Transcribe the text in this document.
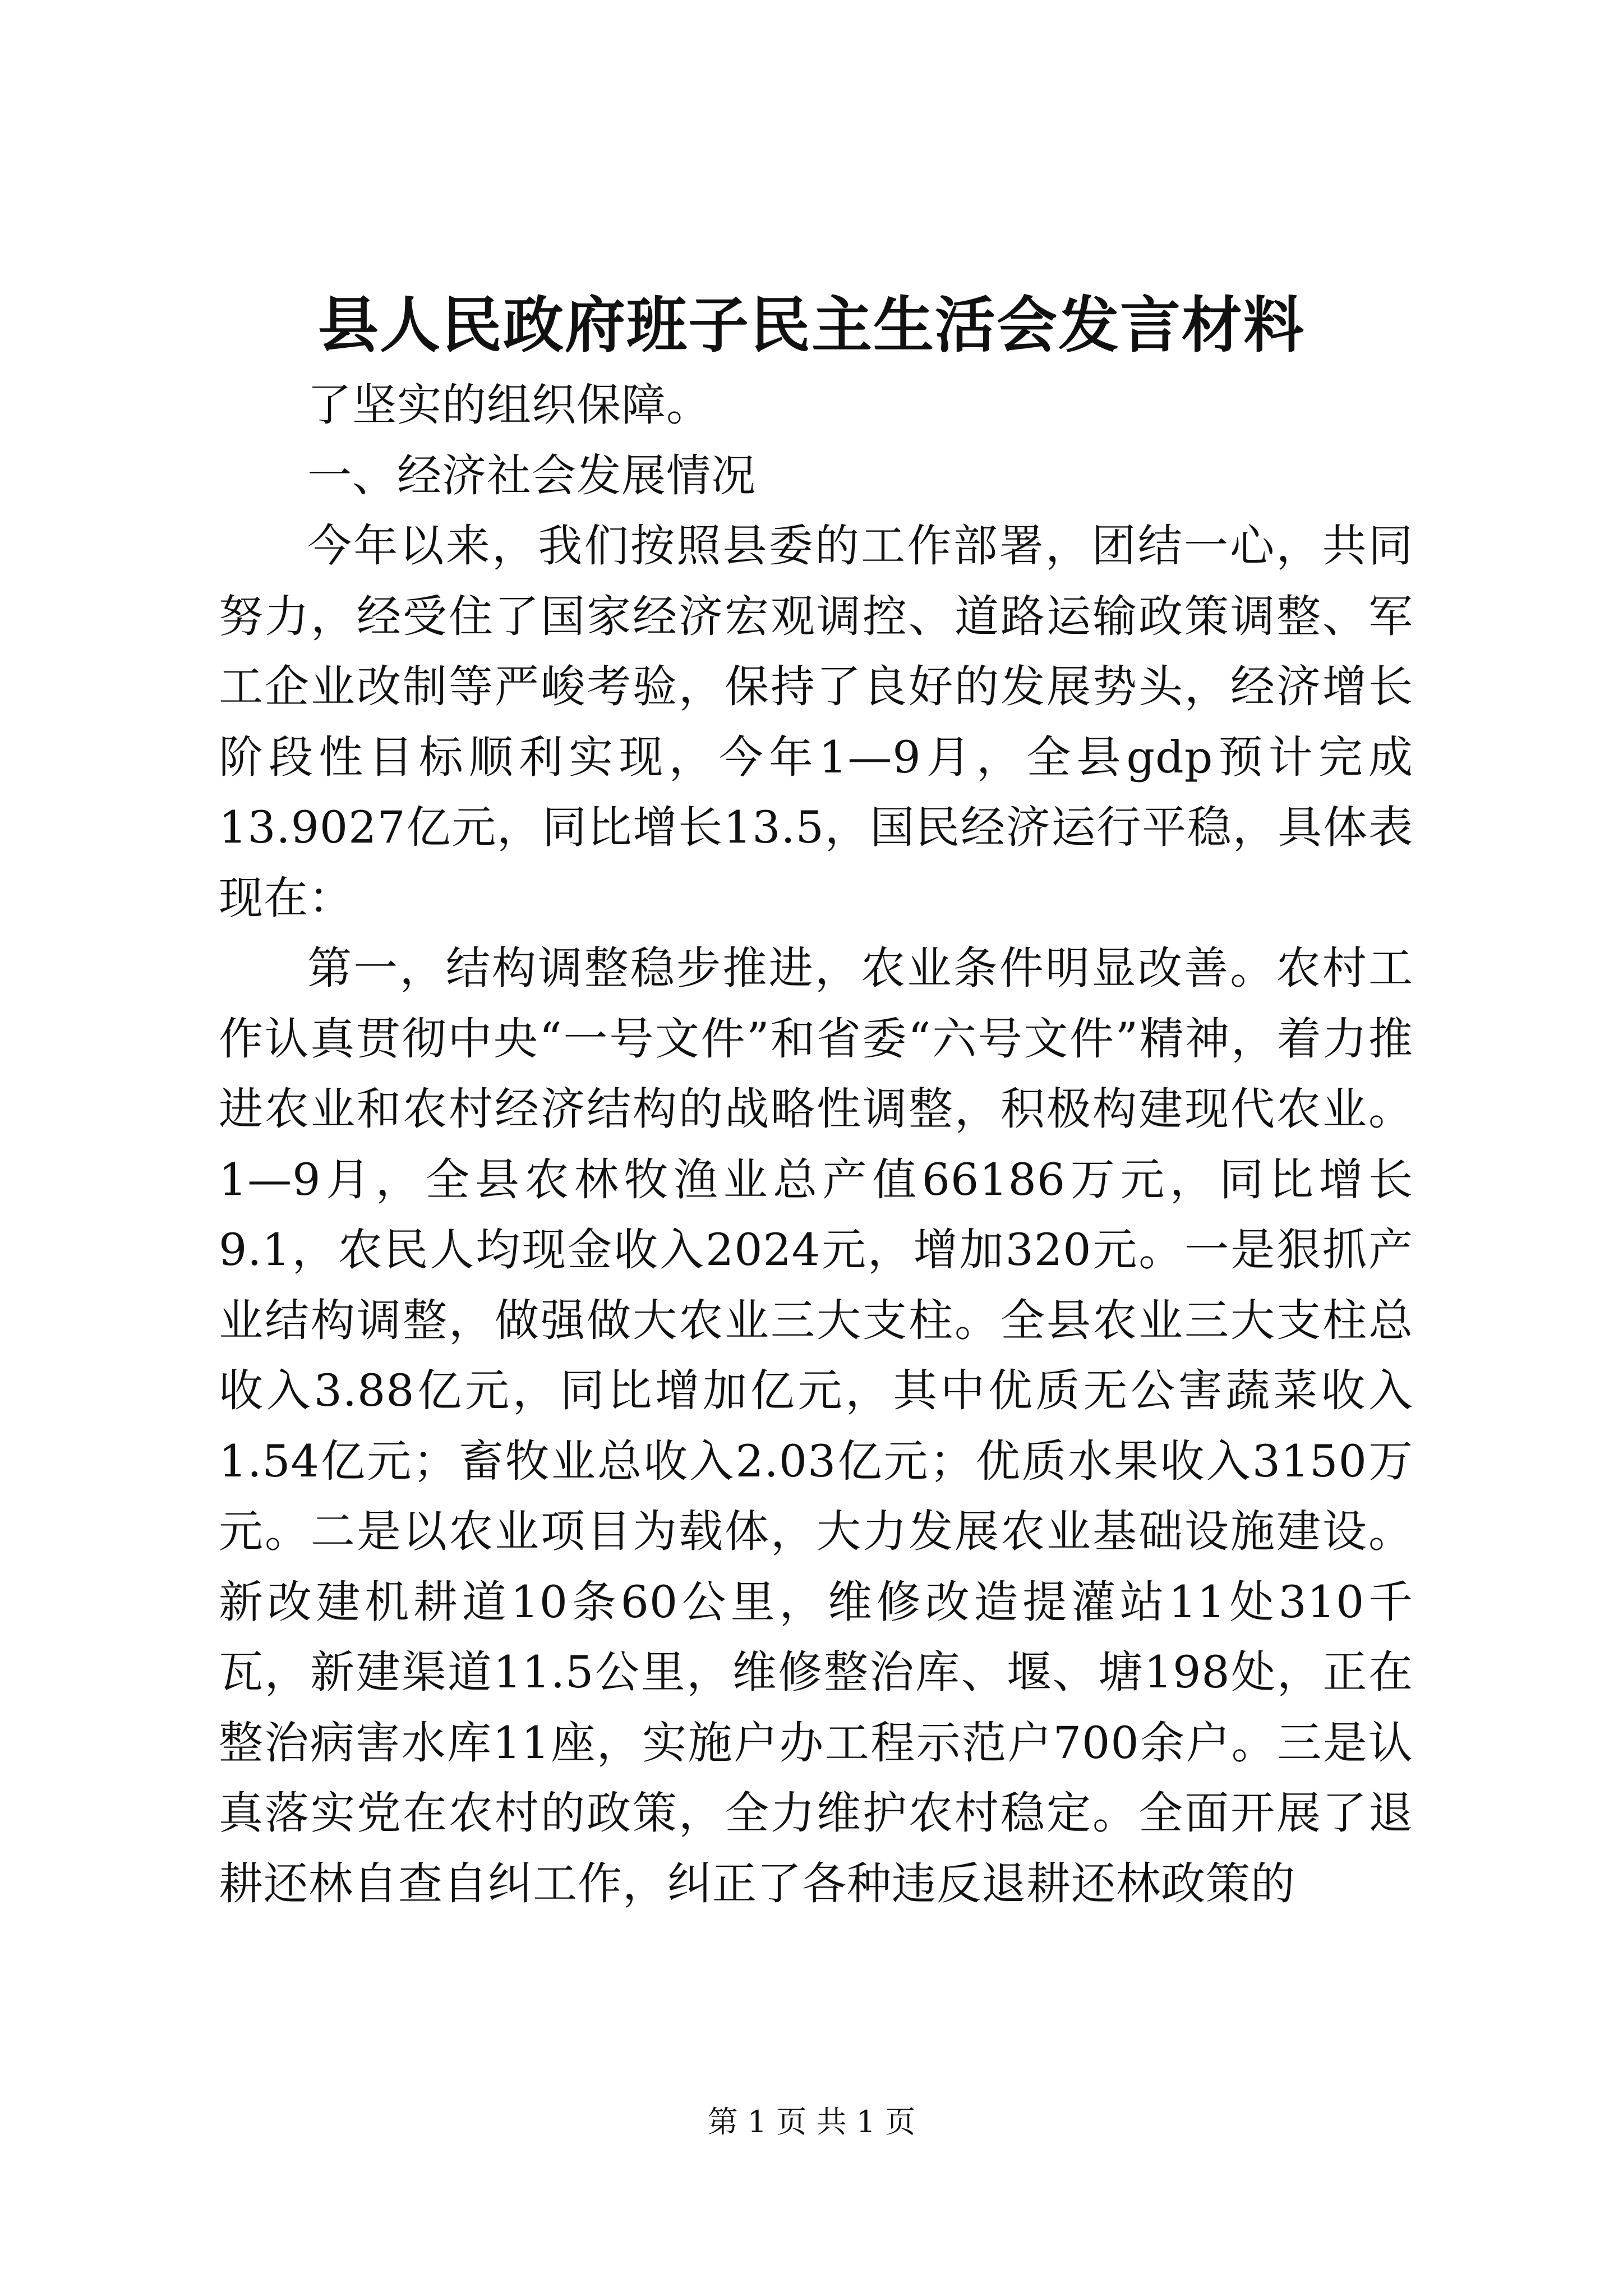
县人民政府班子民主生活会发言材料

了坚实的组织保障。

一、经济社会发展情况

今年以来，我们按照县委的工作部署，团结一心，共同努力，经受住了国家经济宏观调控、道路运输政策调整、军工企业改制等严峻考验，保持了良好的发展势头，经济增长阶段性目标顺利实现，今年1—9月，全县gdp预计完成13.9027亿元，同比增长13.5，国民经济运行平稳，具体表现在：

第一，结构调整稳步推进，农业条件明显改善。农村工作认真贯彻中央“一号文件”和省委“六号文件”精神，着力推进农业和农村经济结构的战略性调整，积极构建现代农业。1—9月，全县农林牧渔业总产值66186万元，同比增长9.1，农民人均现金收入2024元，增加320元。一是狠抓产业结构调整，做强做大农业三大支柱。全县农业三大支柱总收入3.88亿元，同比增加亿元，其中优质无公害蔬菜收入1.54亿元；畜牧业总收入2.03亿元；优质水果收入3150万元。二是以农业项目为载体，大力发展农业基础设施建设。新改建机耕道10条60公里，维修改造提灌站11处310千瓦，新建渠道11.5公里，维修整治库、堰、塘198处，正在整治病害水库11座，实施户办工程示范户700余户。三是认真落实党在农村的政策，全力维护农村稳定。全面开展了退耕还林自查自纠工作，纠正了各种违反退耕还林政策的

第 1 页 共 1 页
